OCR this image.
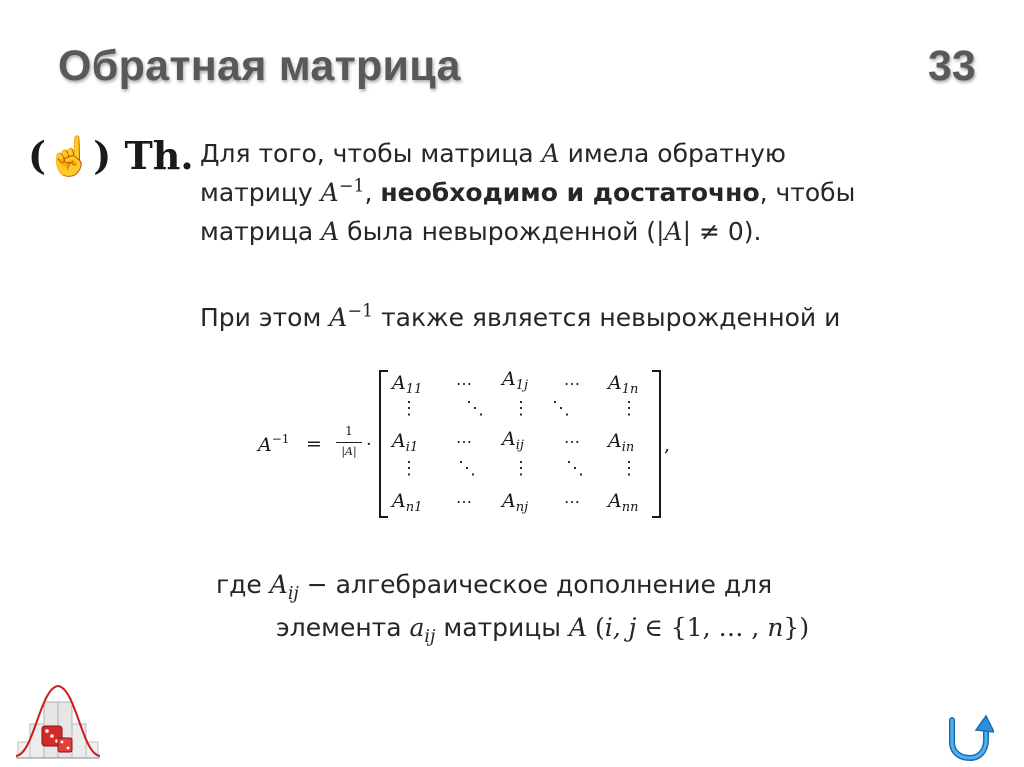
Обратная матрица	33
(☝) Th. Для того, чтобы матрица A имела обратную
матрицу $A^{-1}$, необходимо и достаточно, чтобы
матрица A была невырожденной (|A| ≠ 0).
При этом $A^{-1}$ также является невырожденной и
$A^{-1}$ =
1
|A| ·
$A_{11}$ ⋯ $A_{1j}$ ⋯ $A_{1n}$
⋮	⋱ ⋮ ⋱	⋮
$A_{i1}$ ⋯ $A_{ij}$	⋯ $A_{in}$
⋮ ⋱ ⋮ ⋱ ⋮
$A_{n1}$ ⋯ $A_{nj}$ ⋯ $A_{nn}$
,
где $A_{ij}$ − алгебраическое дополнение для
элемента $a_{ij}$ матрицы A (i, j ∈ {1, … , n})
